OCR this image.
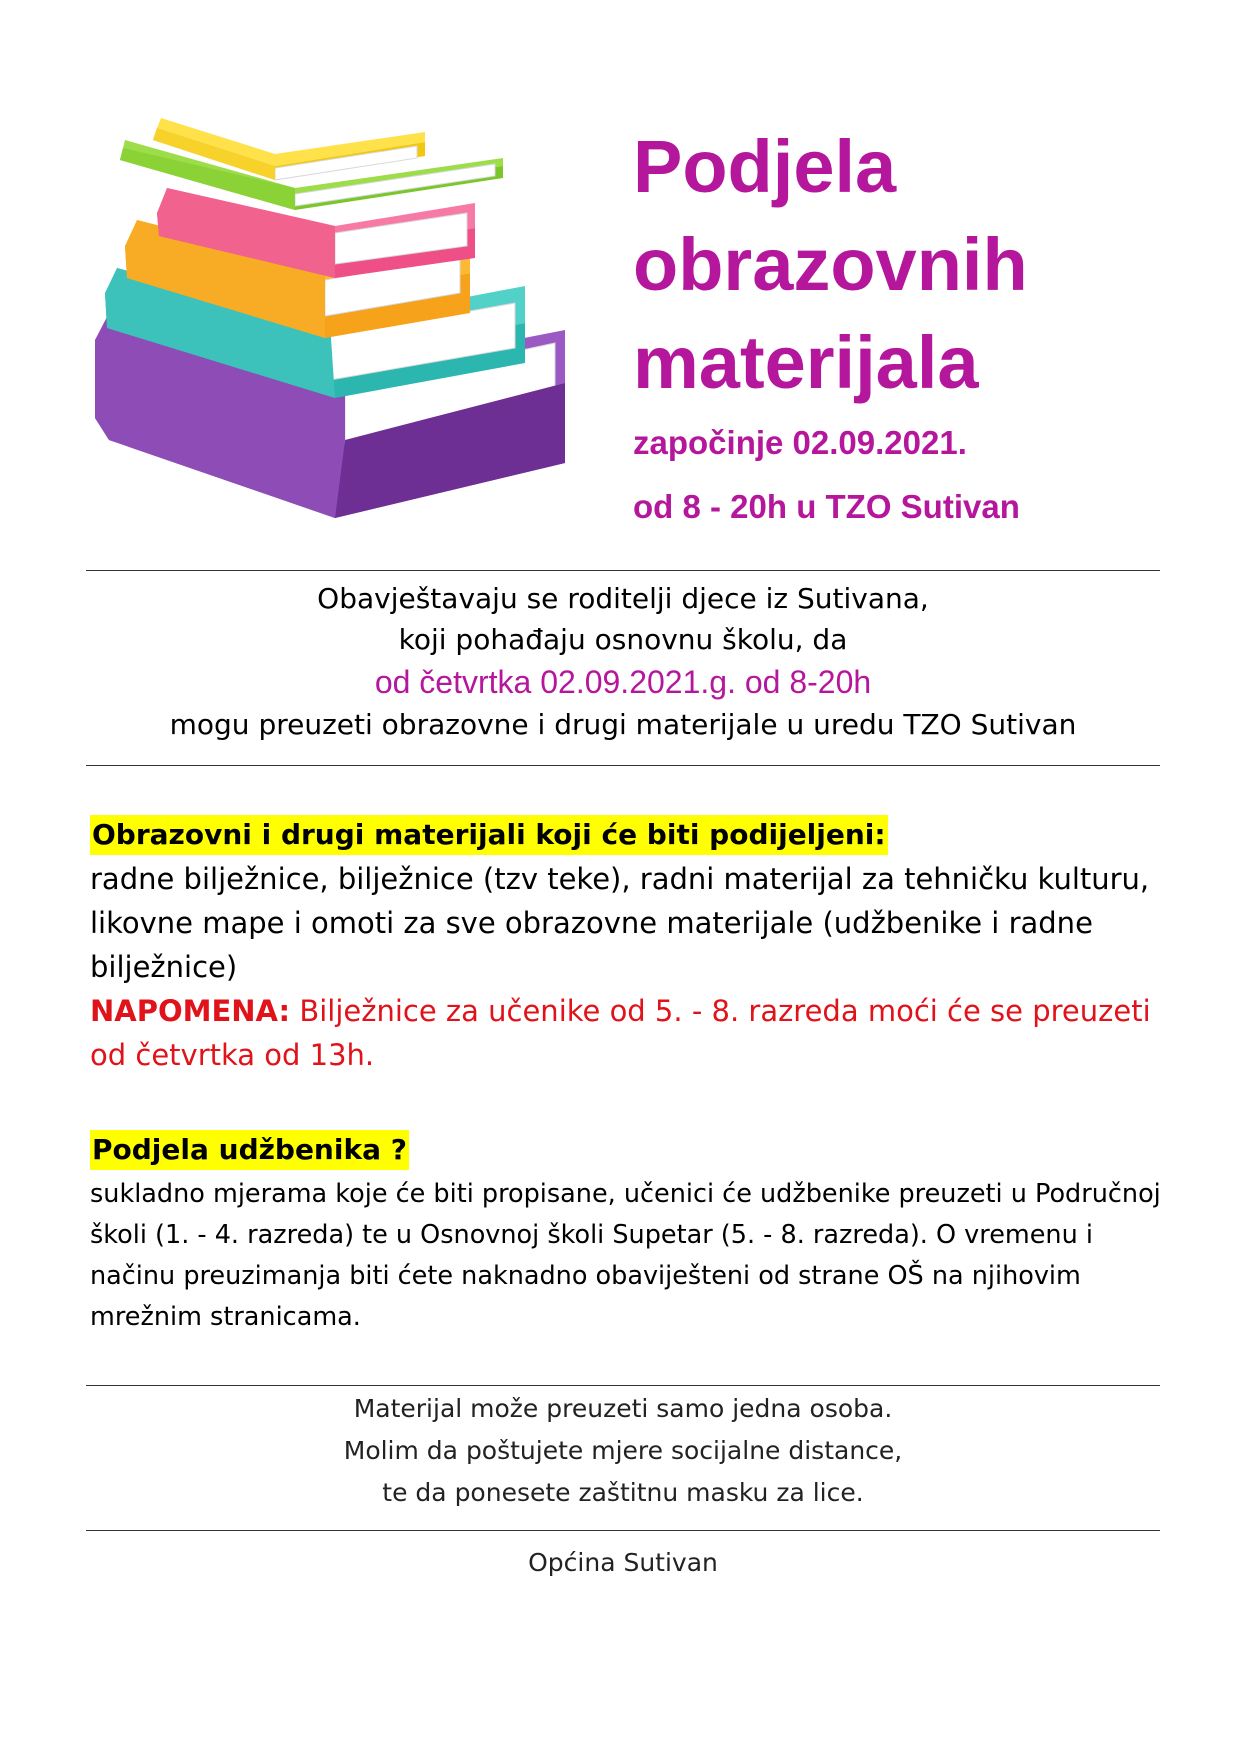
Podjela

obrazovnih

materijala

započinje 02.09.2021.

od 8 - 20h u TZO Sutivan

Obavještavaju se roditelji djece iz Sutivana,
koji pohađaju osnovnu školu, da
od četvrtka 02.09.2021.g. od 8-20h
mogu preuzeti obrazovne i drugi materijale u uredu TZO Sutivan
Obrazovni i drugi materijali koji će biti podijeljeni:

radne bilježnice, bilježnice (tzv teke), radni materijal za tehničku kulturu, likovne mape i omoti za sve obrazovne materijale (udžbenike i radne bilježnice)

NAPOMENA: Bilježnice za učenike od 5. - 8. razreda moći će se preuzeti od četvrtka od 13h.

Podjela udžbenika ?

sukladno mjerama koje će biti propisane, učenici će udžbenike preuzeti u Područnoj školi (1. - 4. razreda) te u Osnovnoj školi Supetar (5. - 8. razreda). O vremenu i načinu preuzimanja biti ćete naknadno obaviješteni od strane OŠ na njihovim mrežnim stranicama.

Materijal može preuzeti samo jedna osoba.
Molim da poštujete mjere socijalne distance,
te da ponesete zaštitnu masku za lice.
Općina Sutivan
